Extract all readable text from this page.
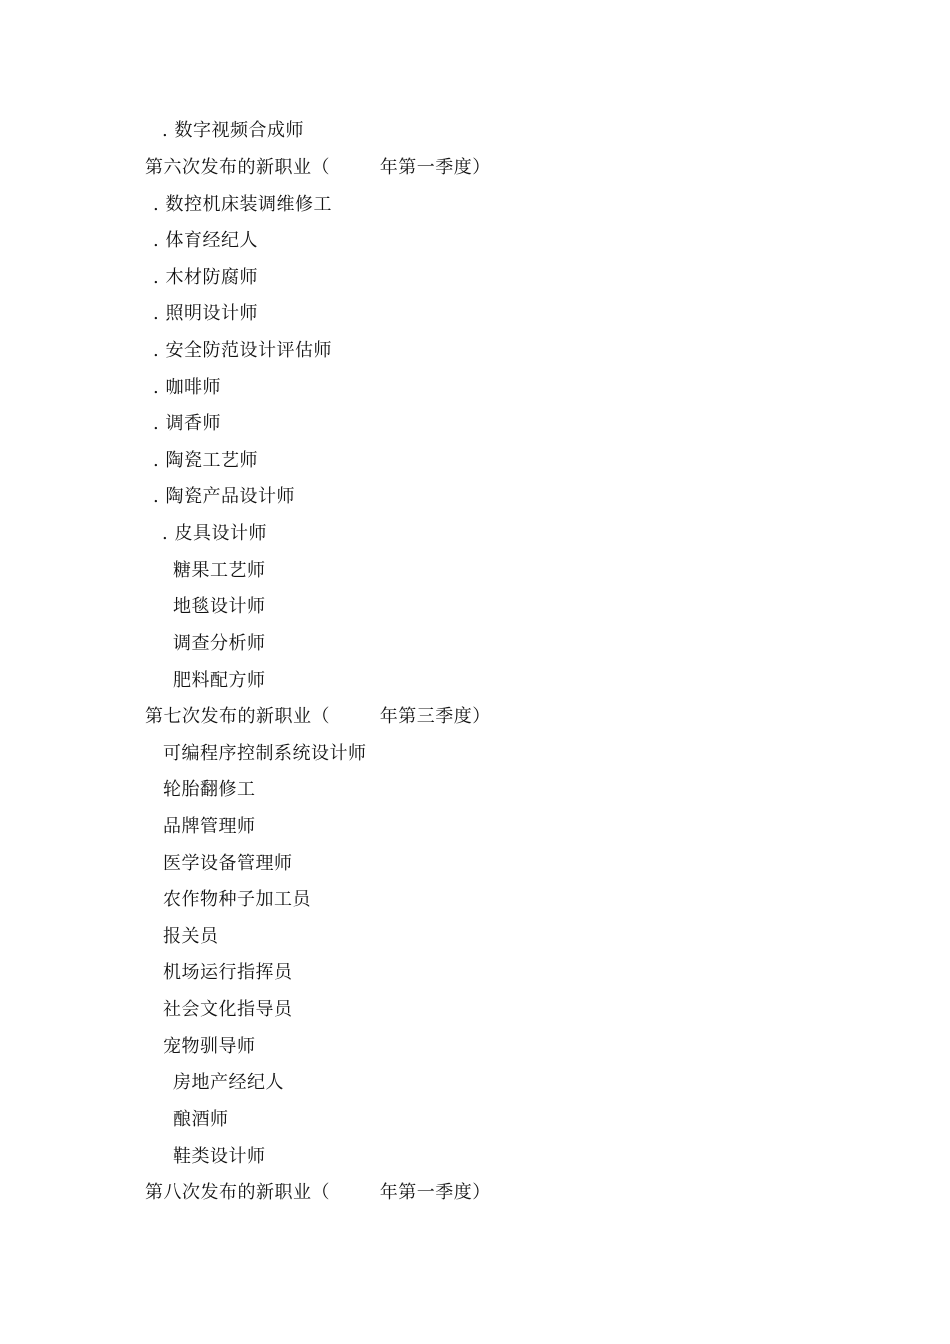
. 数字视频合成师
第六次发布的新职业（        年第一季度）
. 数控机床装调维修工
. 体育经纪人
. 木材防腐师
. 照明设计师
. 安全防范设计评估师
. 咖啡师
. 调香师
. 陶瓷工艺师
. 陶瓷产品设计师
. 皮具设计师
糖果工艺师
地毯设计师
调查分析师
肥料配方师
第七次发布的新职业（        年第三季度）
可编程序控制系统设计师
轮胎翻修工
品牌管理师
医学设备管理师
农作物种子加工员
报关员
机场运行指挥员
社会文化指导员
宠物驯导师
房地产经纪人
酿酒师
鞋类设计师
第八次发布的新职业（        年第一季度）
